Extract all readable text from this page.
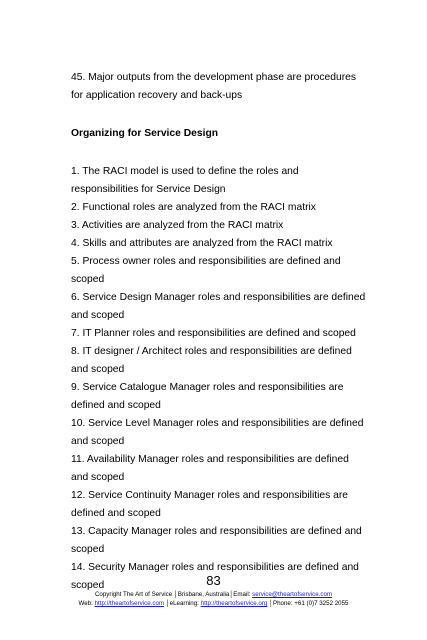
45. Major outputs from the development phase are procedures

for application recovery and back-ups

Organizing for Service Design

1. The RACI model is used to define the roles and

responsibilities for Service Design

2. Functional roles are analyzed from the RACI matrix

3. Activities are analyzed from the RACI matrix

4. Skills and attributes are analyzed from the RACI matrix

5. Process owner roles and responsibilities are defined and

scoped

6. Service Design Manager roles and responsibilities are defined

and scoped

7. IT Planner roles and responsibilities are defined and scoped

8. IT designer / Architect roles and responsibilities are defined

and scoped

9. Service Catalogue Manager roles and responsibilities are

defined and scoped

10. Service Level Manager roles and responsibilities are defined

and scoped

11. Availability Manager roles and responsibilities are defined

and scoped

12. Service Continuity Manager roles and responsibilities are

defined and scoped

13. Capacity Manager roles and responsibilities are defined and

scoped

14. Security Manager roles and responsibilities are defined and

scoped	83

Copyright The Art of Service │Brisbane, Australia│Email: service@theartofservice.com

Web: http://theartofservice.com │eLearning: http://theartofservice.org │Phone: +61 (0)7 3252 2055
